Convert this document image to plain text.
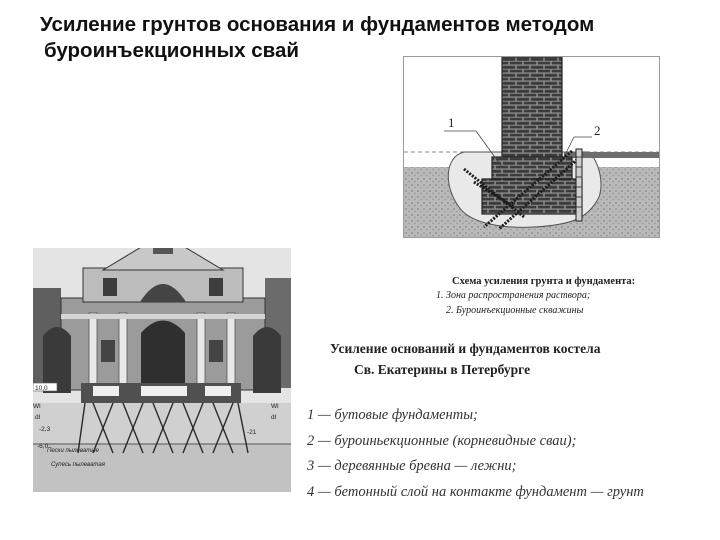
Усиление грунтов основания и фундаментов методом
буроинъекционных свай
1
2
Схема усиления грунта и фундамента:
1. Зона распространения раствора;
2. Буроинъекционные скважины
10,0
-2,3
-6,0
-21
Wl
dl
Wl
dl
Пески пылеватые
Супесь пылеватая
Усиление оснований и фундаментов костела
Св. Екатерины в Петербурге
1 — бутовые фундаменты;
2 — буроиньекционные (корневидные сваи);
3 — деревянные бревна — лежни;
4 — бетонный слой на контакте фундамент — грунт
